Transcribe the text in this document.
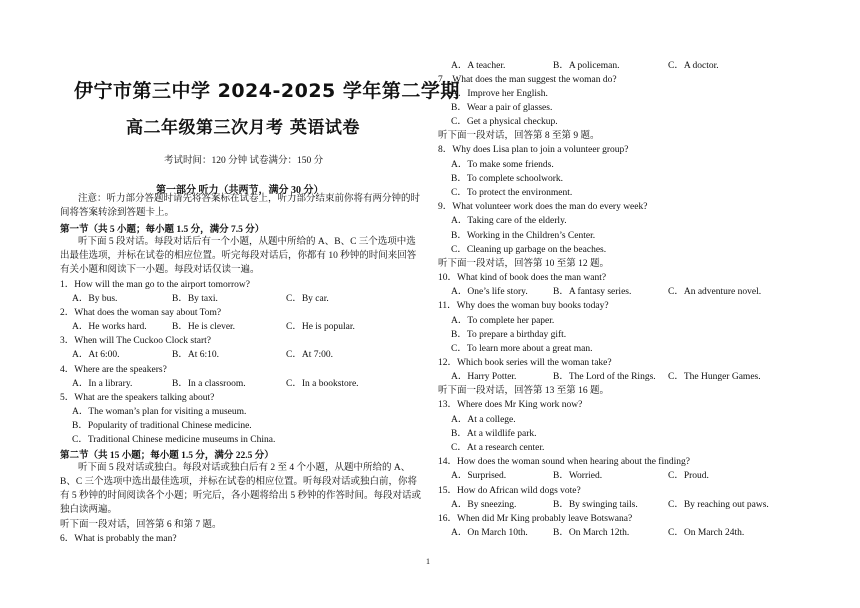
伊宁市第三中学 2024-2025 学年第二学期
高二年级第三次月考 英语试卷
考试时间：120 分钟 试卷满分：150 分
第一部分 听力（共两节，满分 30 分）
注意：听力部分答题时请先将答案标在试卷上，听力部分结束前你将有两分钟的时间将答案转涂到答题卡上。
第一节（共 5 小题；每小题 1.5 分，满分 7.5 分）
听下面 5 段对话。每段对话后有一个小题，从题中所给的 A、B、C 三个选项中选出最佳选项，并标在试卷的相应位置。听完每段对话后，你都有 10 秒钟的时间来回答有关小题和阅读下一小题。每段对话仅读一遍。
1．How will the man go to the airport tomorrow?
A．By bus.	B．By taxi.	C．By car.
2．What does the woman say about Tom?
A．He works hard.	B．He is clever.	C．He is popular.
3．When will The Cuckoo Clock start?
A．At 6:00.	B．At 6:10.	C．At 7:00.
4．Where are the speakers?
A．In a library.	B．In a classroom.	C．In a bookstore.
5．What are the speakers talking about?
A．The woman’s plan for visiting a museum.
B．Popularity of traditional Chinese medicine.
C．Traditional Chinese medicine museums in China.
第二节（共 15 小题；每小题 1.5 分，满分 22.5 分）
听下面 5 段对话或独白。每段对话或独白后有 2 至 4 个小题，从题中所给的 A、B、C 三个选项中选出最佳选项，并标在试卷的相应位置。听每段对话或独白前，你将有 5 秒钟的时间阅读各个小题；听完后，各小题将给出 5 秒钟的作答时间。每段对话或独白读两遍。
听下面一段对话，回答第 6 和第 7 题。
6．What is probably the man?
A．A teacher.	B．A policeman.	C．A doctor.
7．What does the man suggest the woman do?
A．Improve her English.
B．Wear a pair of glasses.
C．Get a physical checkup.
听下面一段对话，回答第 8 至第 9 题。
8．Why does Lisa plan to join a volunteer group?
A．To make some friends.
B．To complete schoolwork.
C．To protect the environment.
9．What volunteer work does the man do every week?
A．Taking care of the elderly.
B．Working in the Children’s Center.
C．Cleaning up garbage on the beaches.
听下面一段对话，回答第 10 至第 12 题。
10．What kind of book does the man want?
A．One’s life story.	B．A fantasy series.	C．An adventure novel.
11．Why does the woman buy books today?
A．To complete her paper.
B．To prepare a birthday gift.
C．To learn more about a great man.
12．Which book series will the woman take?
A．Harry Potter.	B．The Lord of the Rings. C．The Hunger Games.
听下面一段对话，回答第 13 至第 16 题。
13．Where does Mr King work now?
A．At a college.
B．At a wildlife park.
C．At a research center.
14．How does the woman sound when hearing about the finding?
A．Surprised.	B．Worried.	C．Proud.
15．How do African wild dogs vote?
A．By sneezing.	B．By swinging tails.	C．By reaching out paws.
16．When did Mr King probably leave Botswana?
A．On March 10th.	B．On March 12th.	C．On March 24th.
1
